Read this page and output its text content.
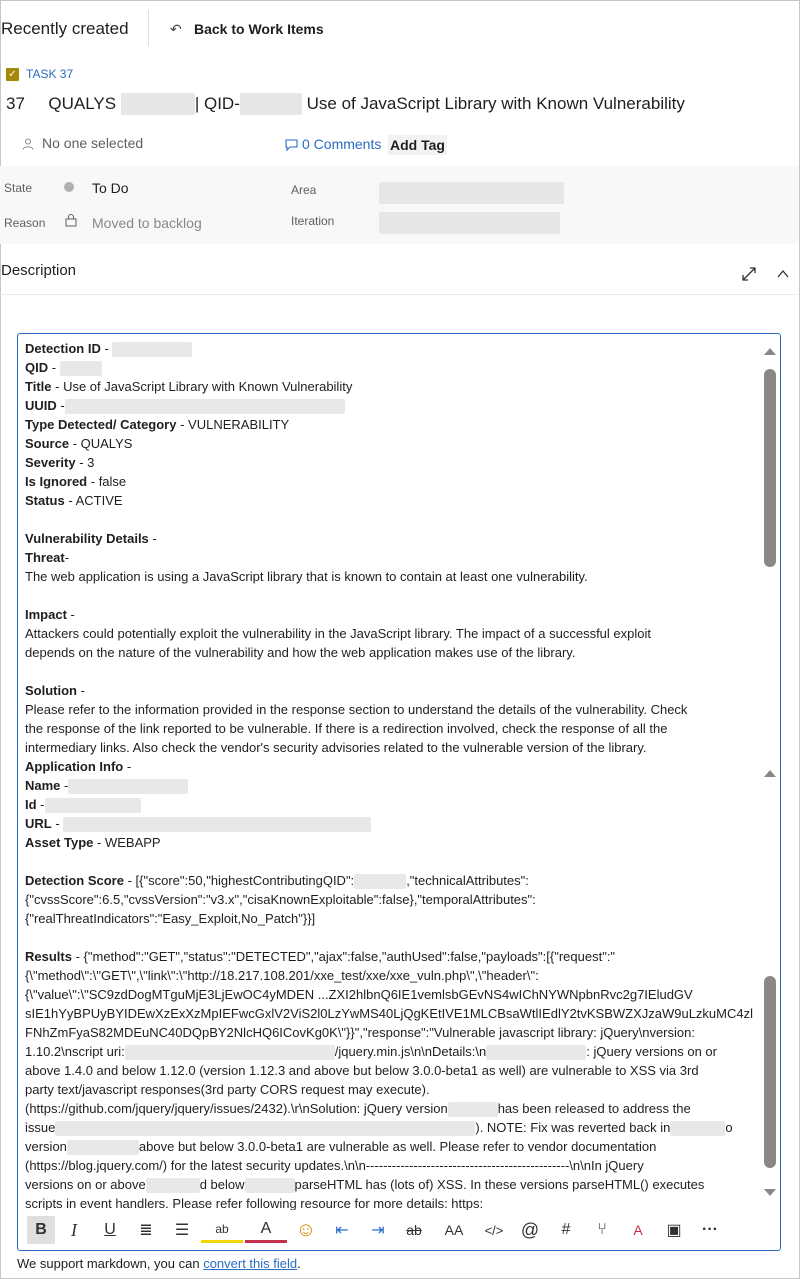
Recently created	↶ Back to Work Items
✓ TASK 37
37 QUALYS	| QID-	Use of JavaScript Library with Known Vulnerability
No one selected	0 Comments Add Tag
State	To Do
Reason	Moved to backlog
Area
Iteration
Description

Detection ID -

QID -

Title - Use of JavaScript Library with Known Vulnerability

UUID -

Type Detected/ Category - VULNERABILITY

Source - QUALYS

Severity - 3

Is Ignored - false

Status - ACTIVE

Vulnerability Details -

Threat-

The web application is using a JavaScript library that is known to contain at least one vulnerability.

Impact -

Attackers could potentially exploit the vulnerability in the JavaScript library. The impact of a successful exploit

depends on the nature of the vulnerability and how the web application makes use of the library.

Solution -

Please refer to the information provided in the response section to understand the details of the vulnerability. Check

the response of the link reported to be vulnerable. If there is a redirection involved, check the response of all the

intermediary links. Also check the vendor's security advisories related to the vulnerable version of the library.

Application Info -

Name -

Id -

URL -

Asset Type - WEBAPP

Detection Score - [{"score":50,"highestContributingQID":	,"technicalAttributes":

{"cvssScore":6.5,"cvssVersion":"v3.x","cisaKnownExploitable":false},"temporalAttributes":

{"realThreatIndicators":"Easy_Exploit,No_Patch"}}]

Results - {"method":"GET","status":"DETECTED","ajax":false,"authUsed":false,"payloads":[{"request":"

{\"method\":\"GET\",\"link\":\"http://18.217.108.201/xxe_test/xxe/xxe_vuln.php\",\"header\":

{\"value\":\"SC9zdDogMTguMjE3LjEwOC4yMDEN ...ZXI2hlbnQ6IE1vemlsbGEvNS4wIChNYWNpbnRvc2g7IEludGV

sIE1hYyBPUyBYIDEwXzExXzMpIEFwcGxlV2ViS2l0LzYwMS40LjQgKEtIVE1MLCBsaWtlIEdlY2tvKSBWZXJzaW9uLzkuMC4zl

FNhZmFyaS82MDEuNC40DQpBY2NlcHQ6ICovKg0K\"}}","response":"Vulnerable javascript library: jQuery\nversion:

1.10.2\nscript uri:	/jquery.min.js\n\nDetails:\n	: jQuery versions on or

above 1.4.0 and below 1.12.0 (version 1.12.3 and above but below 3.0.0-beta1 as well) are vulnerable to XSS via 3rd

party text/javascript responses(3rd party CORS request may execute).

(https://github.com/jquery/jquery/issues/2432).\r\nSolution: jQuery version	has been released to address the

issue	). NOTE: Fix was reverted back in	o

version	above but below 3.0.0-beta1 are vulnerable as well. Please refer to vendor documentation

(https://blog.jquery.com/) for the latest security updates.\n\n-----------------------------------------------\n\nIn jQuery

versions on or above	d below	parseHTML has (lots of) XSS. In these versions parseHTML() executes

scripts in event handlers. Please refer following resource for more details: https:

B	I	U	≣	☰	ab	A	☺	⇤	⇥	ab	AA	</> @	#	⑂	A	▣	···
We support markdown, you can convert this field.
